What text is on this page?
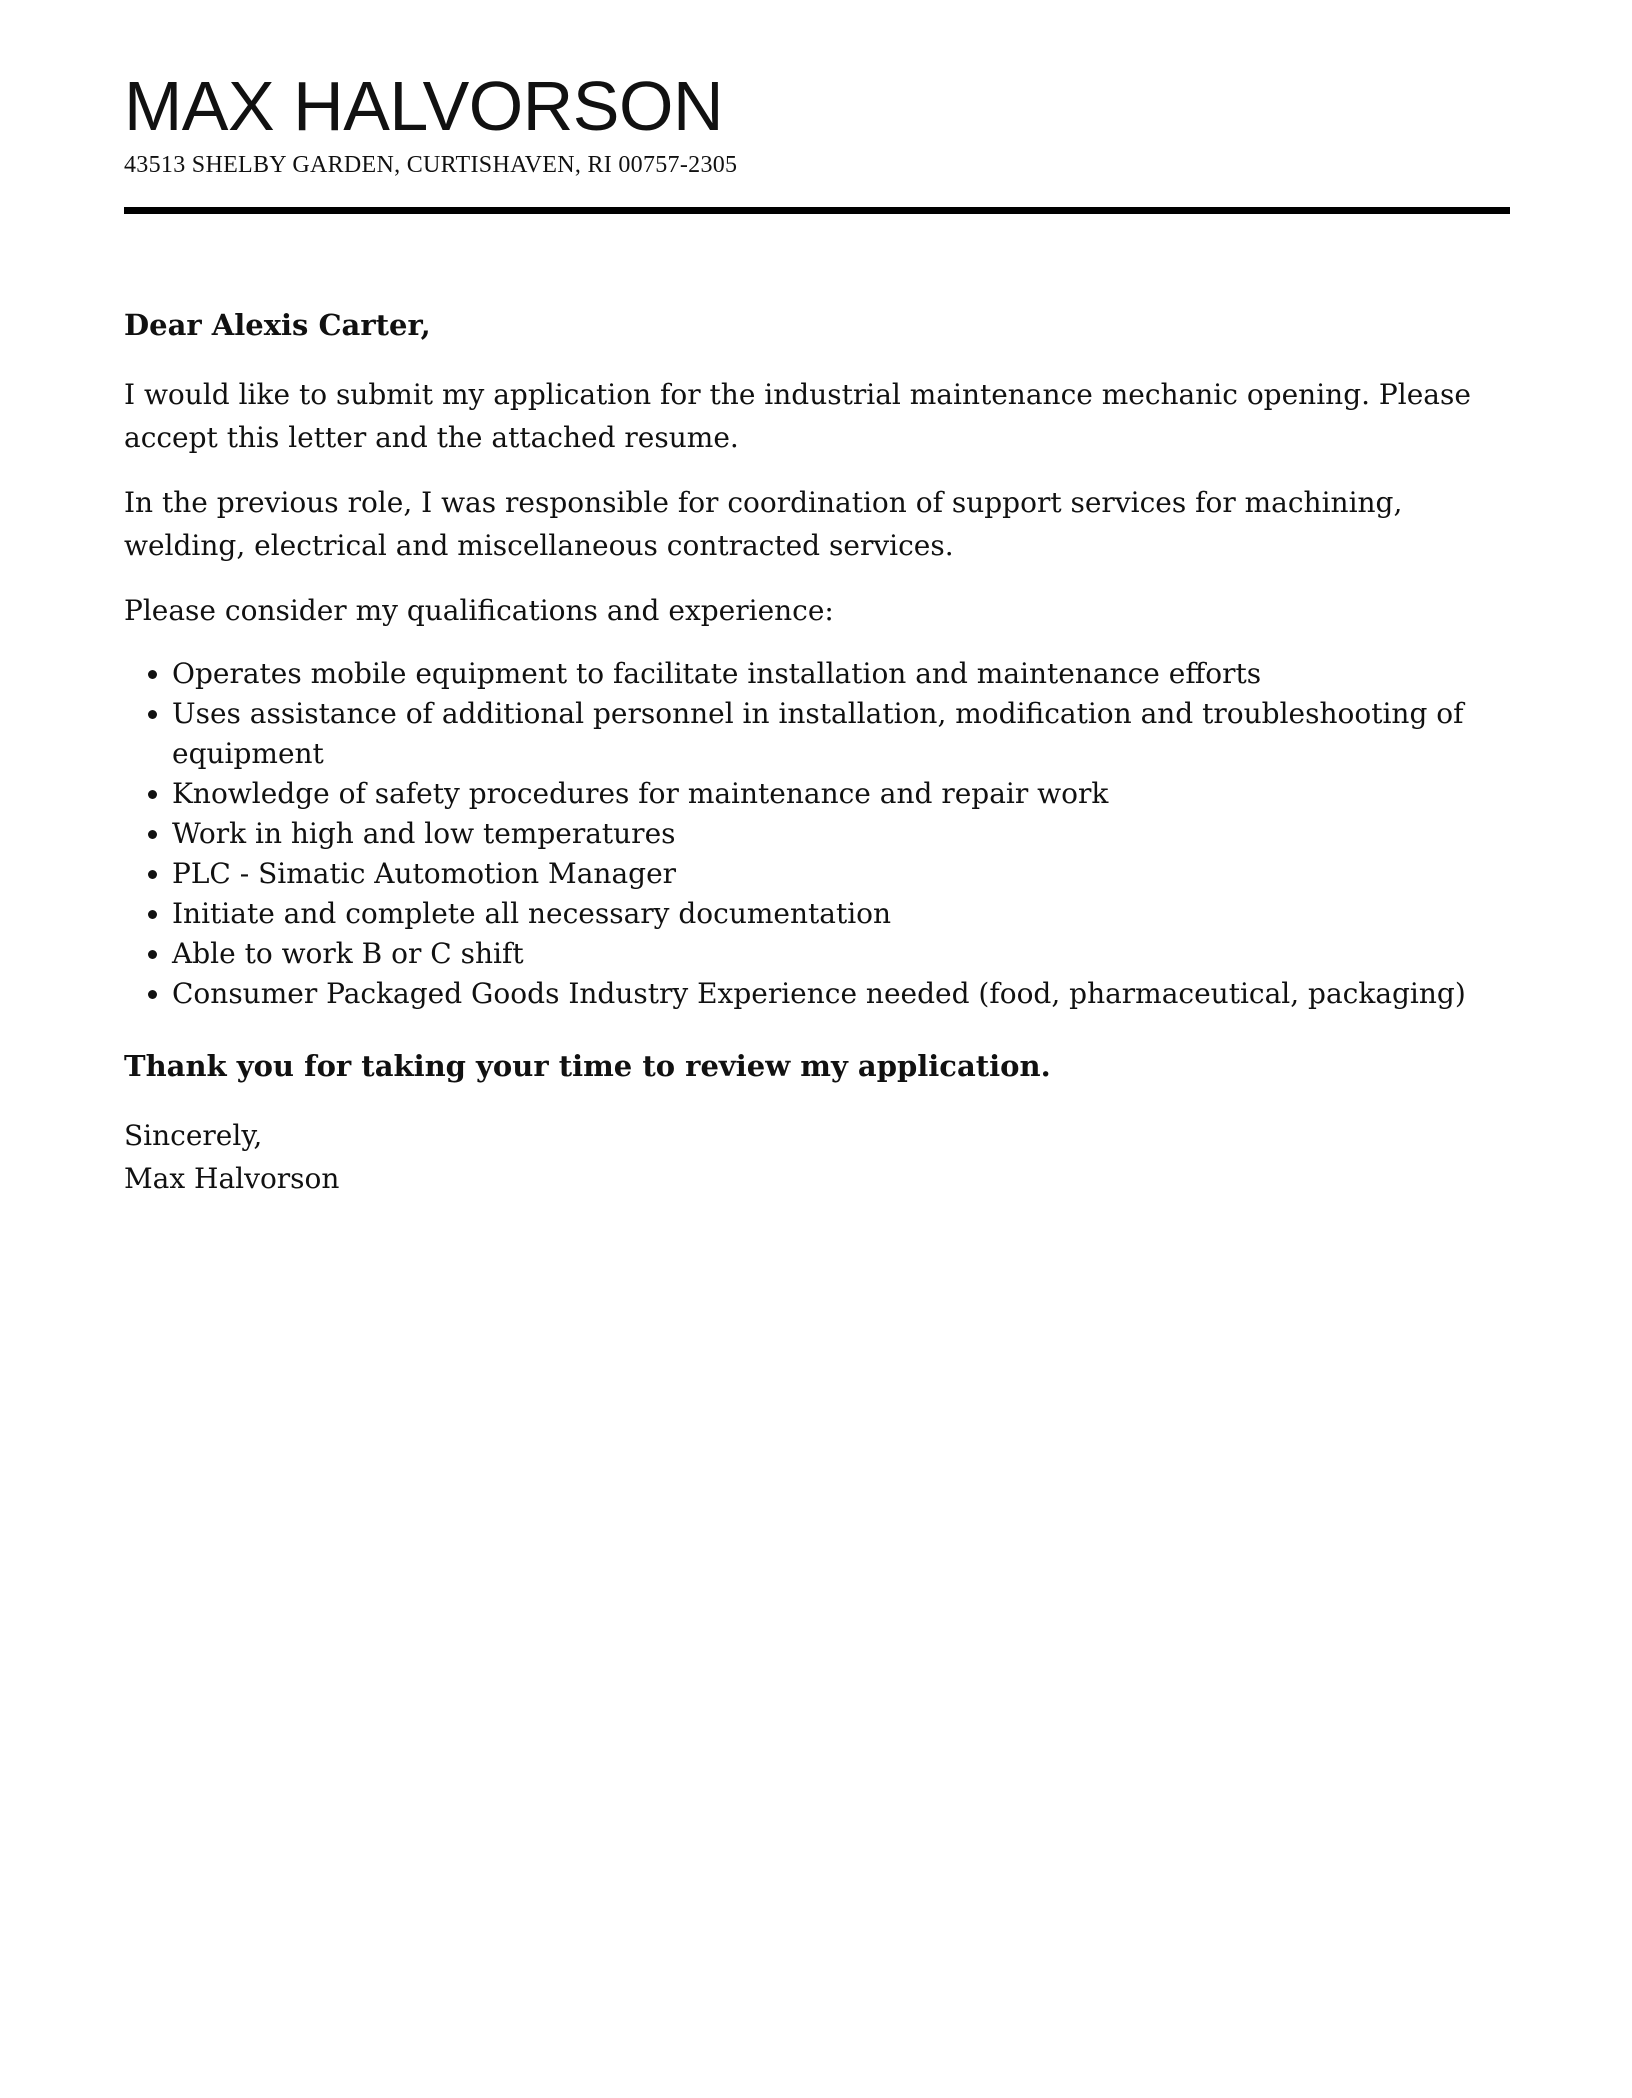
MAX HALVORSON
43513 SHELBY GARDEN, CURTISHAVEN, RI 00757-2305

Dear Alexis Carter,

I would like to submit my application for the industrial maintenance mechanic opening. Please accept this letter and the attached resume.

In the previous role, I was responsible for coordination of support services for machining, welding, electrical and miscellaneous contracted services.

Please consider my qualifications and experience:

• Operates mobile equipment to facilitate installation and maintenance efforts
• Uses assistance of additional personnel in installation, modification and troubleshooting of equipment
• Knowledge of safety procedures for maintenance and repair work
• Work in high and low temperatures
• PLC - Simatic Automotion Manager
• Initiate and complete all necessary documentation
• Able to work B or C shift
• Consumer Packaged Goods Industry Experience needed (food, pharmaceutical, packaging)

Thank you for taking your time to review my application.

Sincerely,
Max Halvorson
